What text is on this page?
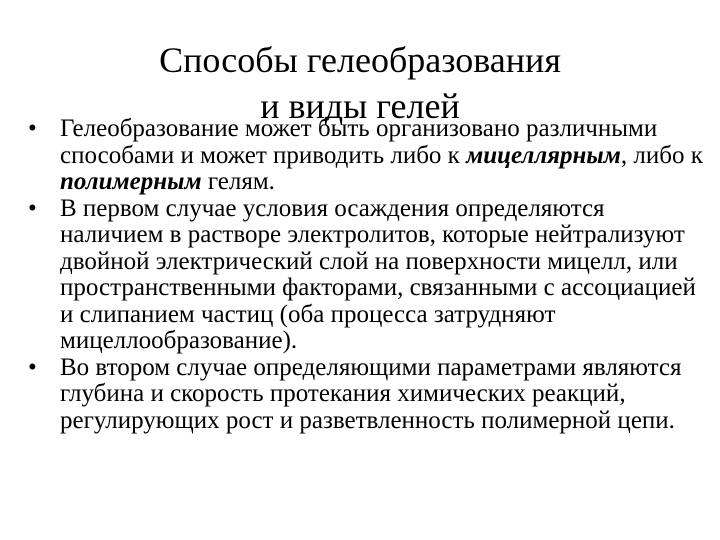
Способы гелеобразования
и виды гелей
• Гелеобразование может быть организовано различными способами и может приводить либо к мицеллярным, либо к полимерным гелям.
• В первом случае условия осаждения определяются наличием в растворе электролитов, которые нейтрализуют двойной электрический слой на поверхности мицелл, или пространственными факторами, связанными с ассоциацией и слипанием частиц (оба процесса затрудняют мицеллообразование).
• Во втором случае определяющими параметрами являются глубина и скорость протекания химических реакций, регулирующих рост и разветвленность полимерной цепи.
